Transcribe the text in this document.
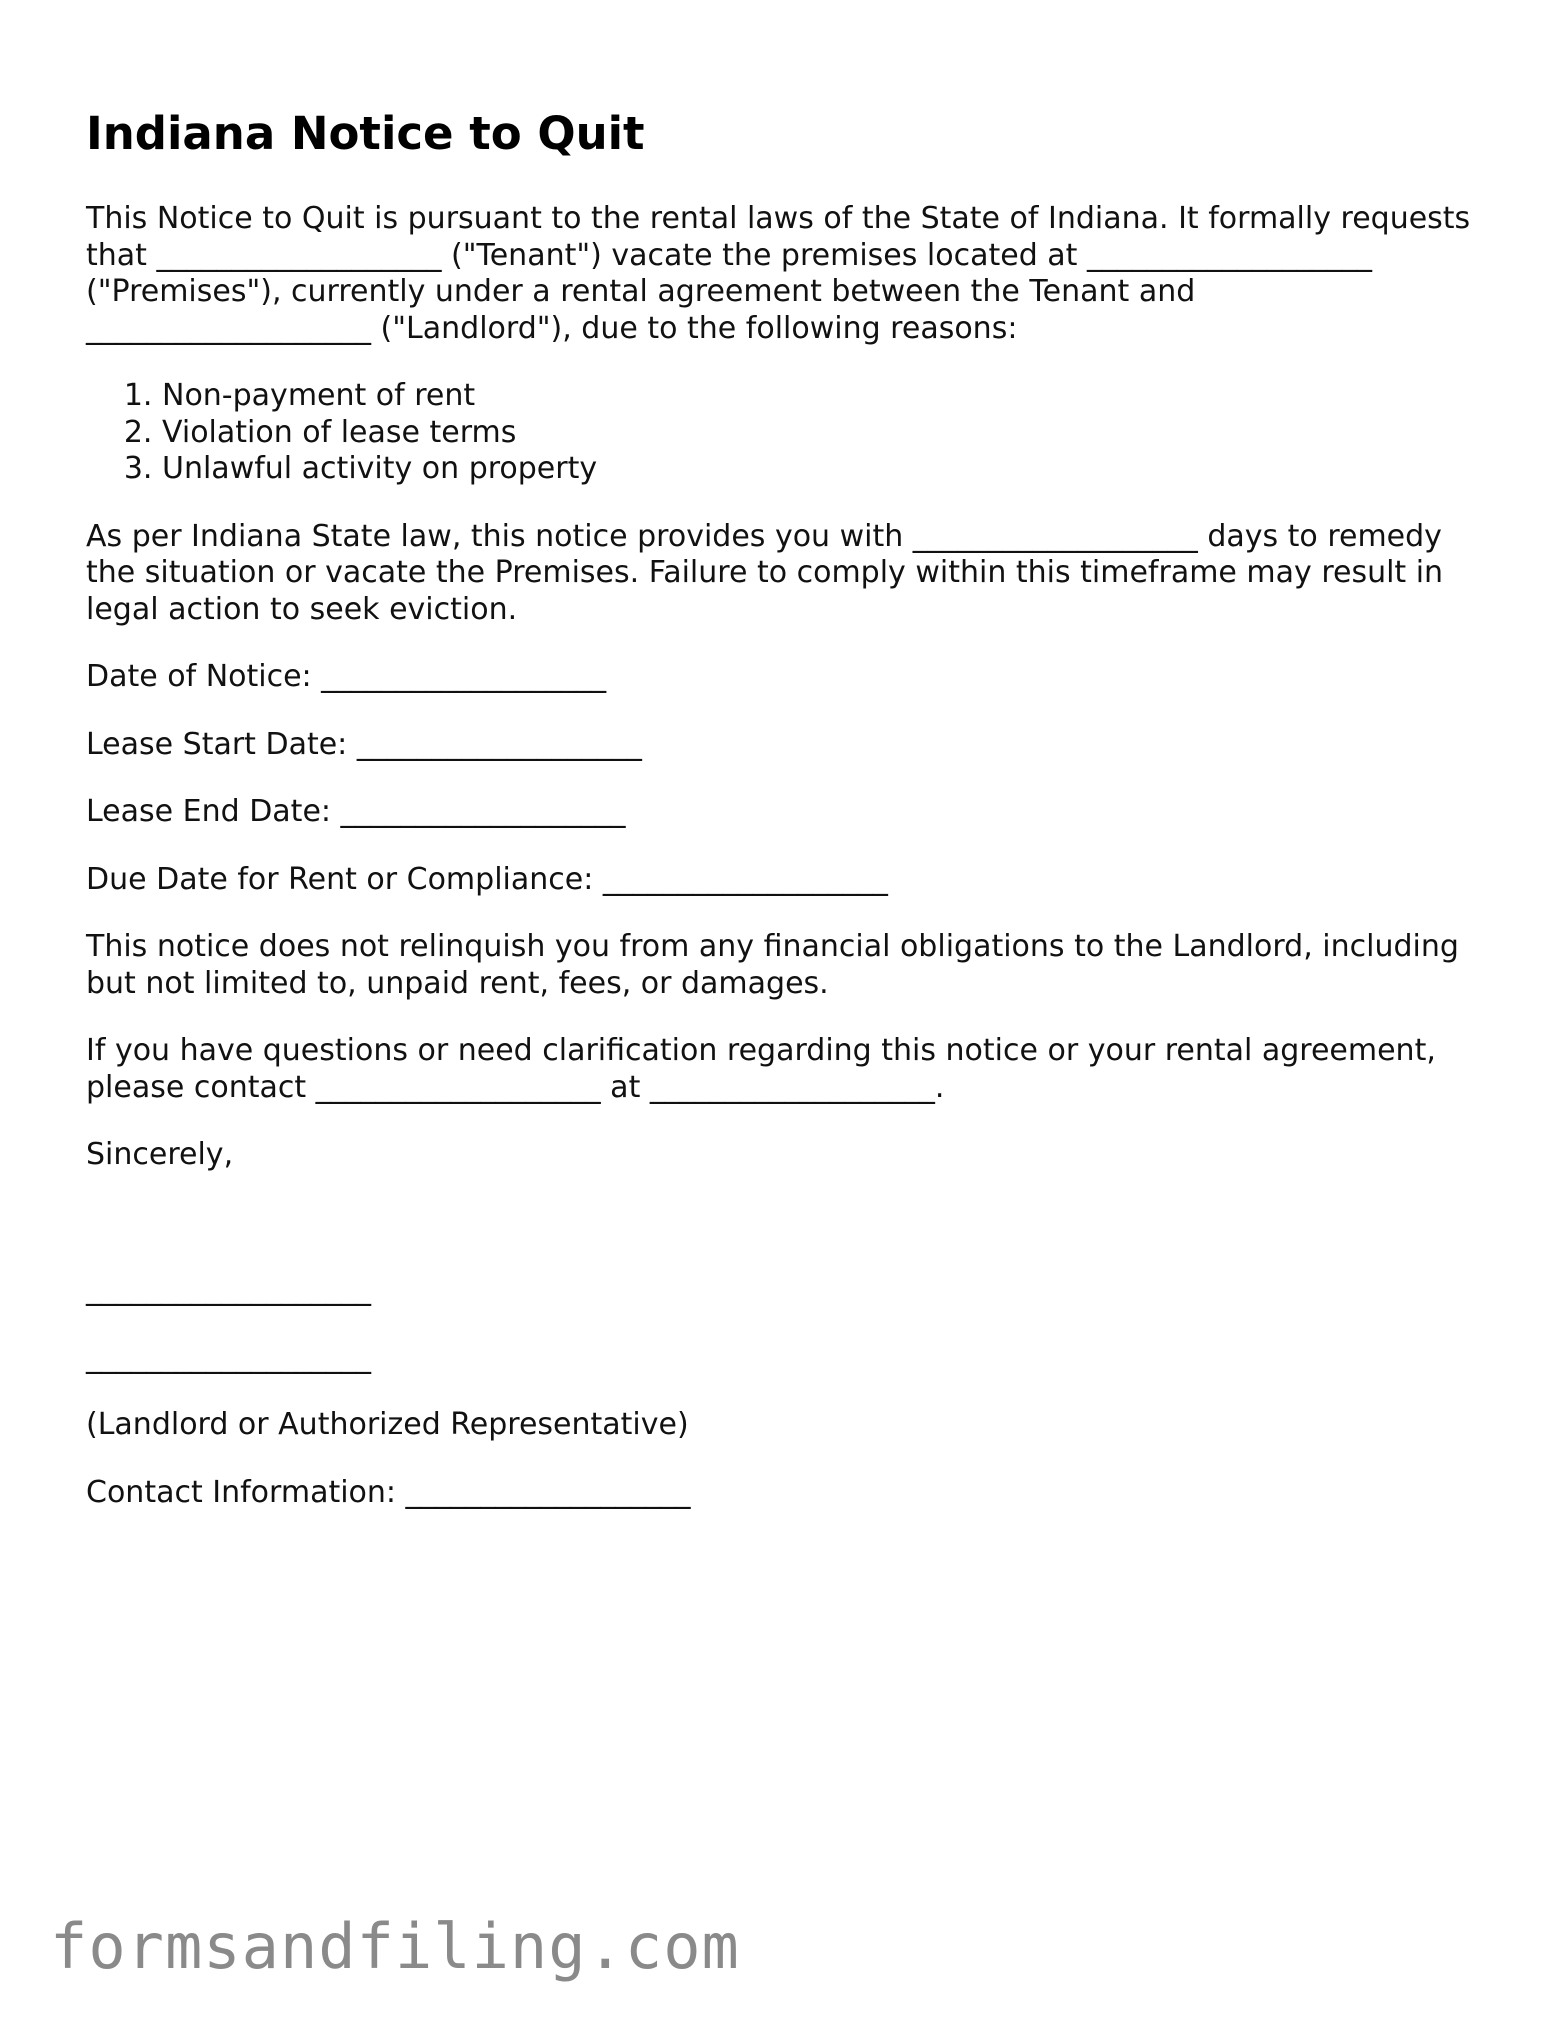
Indiana Notice to Quit

This Notice to Quit is pursuant to the rental laws of the State of Indiana. It formally requests that ___________________ ("Tenant") vacate the premises located at ___________________ ("Premises"), currently under a rental agreement between the Tenant and ___________________ ("Landlord"), due to the following reasons:

1. Non-payment of rent
2. Violation of lease terms
3. Unlawful activity on property

As per Indiana State law, this notice provides you with ___________________ days to remedy the situation or vacate the Premises. Failure to comply within this timeframe may result in legal action to seek eviction.

Date of Notice: ___________________

Lease Start Date: ___________________

Lease End Date: ___________________

Due Date for Rent or Compliance: ___________________

This notice does not relinquish you from any financial obligations to the Landlord, including but not limited to, unpaid rent, fees, or damages.

If you have questions or need clarification regarding this notice or your rental agreement, please contact ___________________ at ___________________.

Sincerely,

___________________

___________________

(Landlord or Authorized Representative)

Contact Information: ___________________

formsandfiling.com
